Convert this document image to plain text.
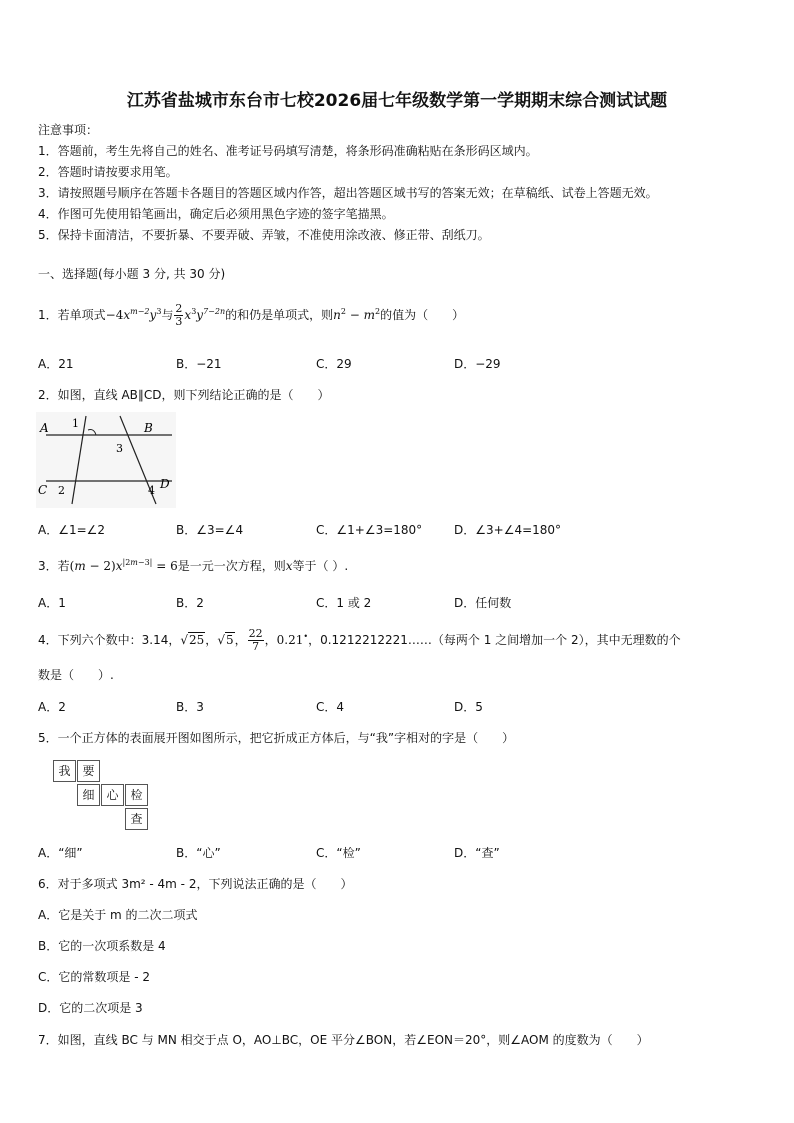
江苏省盐城市东台市七校2026届七年级数学第一学期期末综合测试试题
注意事项：
1．答题前，考生先将自己的姓名、准考证号码填写清楚，将条形码准确粘贴在条形码区域内。
2．答题时请按要求用笔。
3．请按照题号顺序在答题卡各题目的答题区域内作答，超出答题区域书写的答案无效；在草稿纸、试卷上答题无效。
4．作图可先使用铅笔画出，确定后必须用黑色字迹的签字笔描黑。
5．保持卡面清洁，不要折暴、不要弄破、弄皱，不准使用涂改液、修正带、刮纸刀。
一、选择题(每小题 3 分, 共 30 分)
1．若单项式$-4x^{m-2}y^3$与 $\frac{2}{3} x^3y^{7-2n}$的和仍是单项式，则$n^2 - m^2$的值为（　　）
A．21	B．−21	C．29	D．−29
2．如图，直线 AB∥CD，则下列结论正确的是（　　）
A 1	B
3
C 2	4 D
A．∠1=∠2	B．∠3=∠4	C．∠1+∠3=180°	D．∠3+∠4=180°
3．若$(m - 2)x^{|2m-3|} = 6$是一元一次方程，则x等于（ ）.
A．1	B．2	C．1 或 2	D．任何数
4．下列六个数中：3.14，√25，√5， $\frac{22}{7}$ ，0.21•，0.1212212221……（每两个 1 之间增加一个 2），其中无理数的个
数是（　　）.
A．2	B．3	C．4	D．5
5．一个正方体的表面展开图如图所示，把它折成正方体后，与“我”字相对的字是（　　）
我 要
细 心 检
查
A．“细”	B．“心”	C．“检”	D．“查”
6．对于多项式 3m² - 4m - 2，下列说法正确的是（　　）
A．它是关于 m 的二次二项式
B．它的一次项系数是 4
C．它的常数项是 - 2
D．它的二次项是 3
7．如图，直线 BC 与 MN 相交于点 O，AO⊥BC，OE 平分∠BON，若∠EON＝20°，则∠AOM 的度数为（　　）
